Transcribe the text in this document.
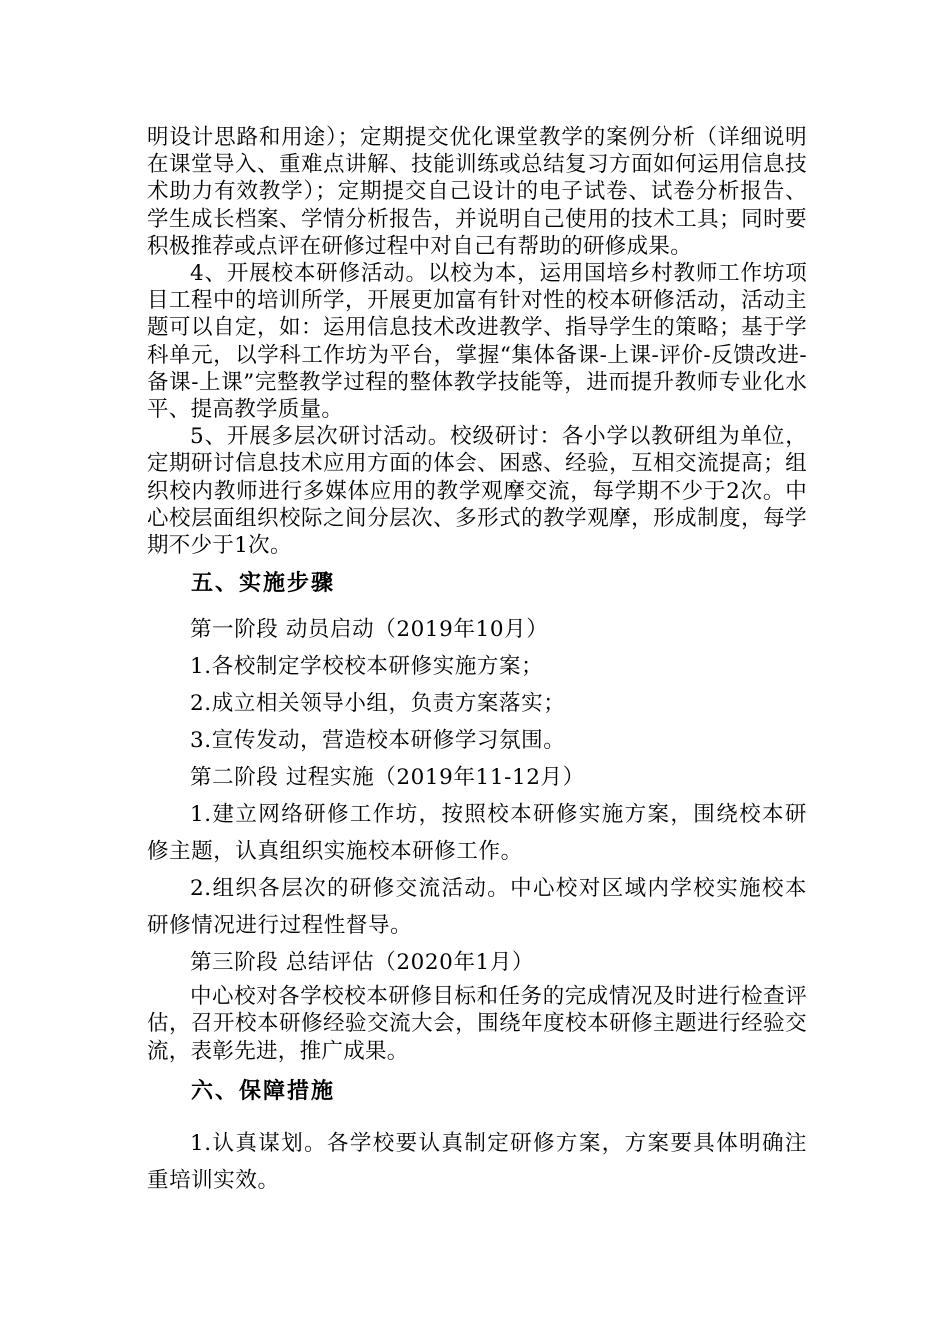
明设计思路和用途）；定期提交优化课堂教学的案例分析（详细说明在课堂导入、重难点讲解、技能训练或总结复习方面如何运用信息技术助力有效教学）；定期提交自己设计的电子试卷、试卷分析报告、学生成长档案、学情分析报告，并说明自己使用的技术工具；同时要积极推荐或点评在研修过程中对自己有帮助的研修成果。

4、开展校本研修活动。以校为本，运用国培乡村教师工作坊项目工程中的培训所学，开展更加富有针对性的校本研修活动，活动主题可以自定，如：运用信息技术改进教学、指导学生的策略；基于学科单元，以学科工作坊为平台，掌握“集体备课-上课-评价-反馈改进-备课-上课”完整教学过程的整体教学技能等，进而提升教师专业化水平、提高教学质量。

5、开展多层次研讨活动。校级研讨：各小学以教研组为单位，定期研讨信息技术应用方面的体会、困惑、经验，互相交流提高；组织校内教师进行多媒体应用的教学观摩交流，每学期不少于2次。中心校层面组织校际之间分层次、多形式的教学观摩，形成制度，每学期不少于1次。

五、实施步骤

第一阶段 动员启动（2019年10月）

1.各校制定学校校本研修实施方案；

2.成立相关领导小组，负责方案落实；

3.宣传发动，营造校本研修学习氛围。

第二阶段 过程实施（2019年11-12月）

1.建立网络研修工作坊，按照校本研修实施方案，围绕校本研修主题，认真组织实施校本研修工作。

2.组织各层次的研修交流活动。中心校对区域内学校实施校本研修情况进行过程性督导。

第三阶段 总结评估（2020年1月）

中心校对各学校校本研修目标和任务的完成情况及时进行检查评估，召开校本研修经验交流大会，围绕年度校本研修主题进行经验交流，表彰先进，推广成果。

六、保障措施

1.认真谋划。各学校要认真制定研修方案，方案要具体明确注重培训实效。
